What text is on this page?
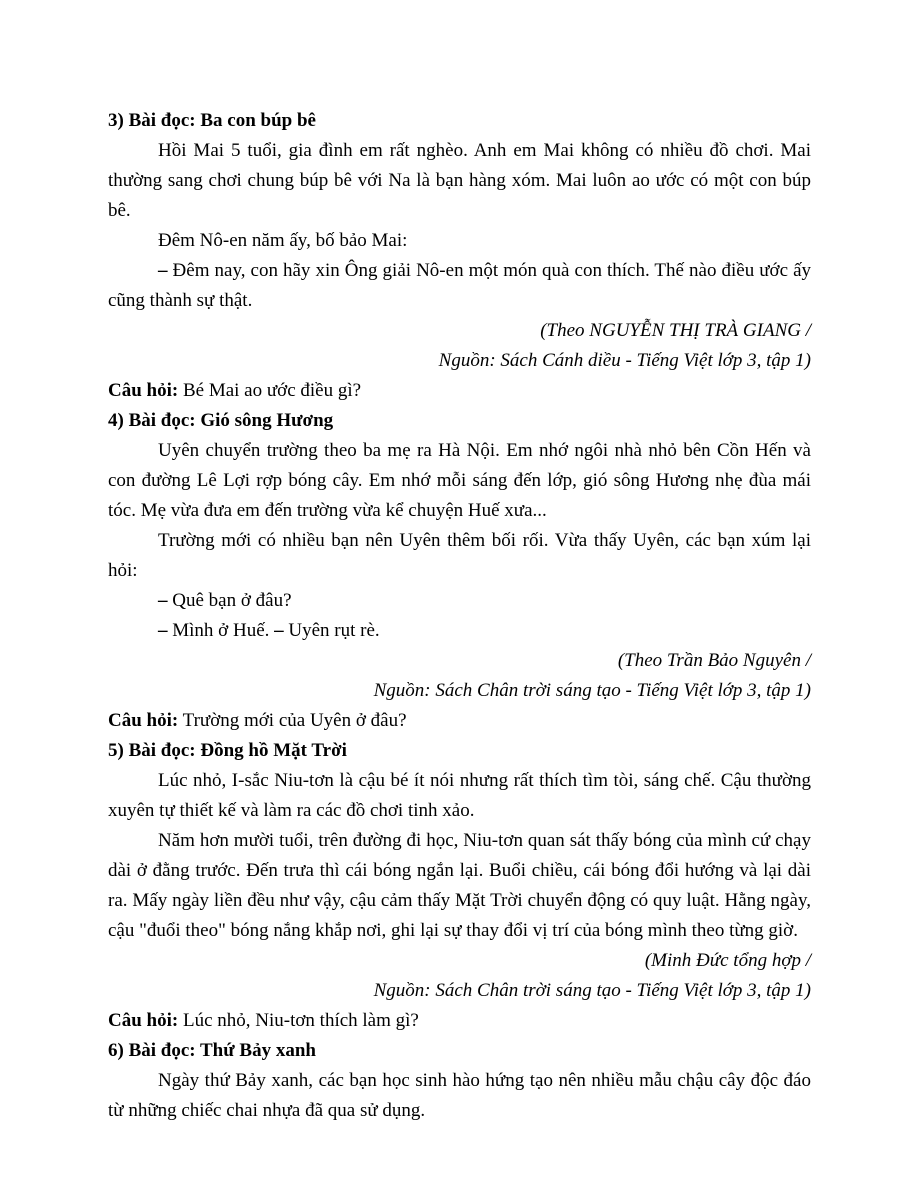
3) Bài đọc: Ba con búp bê

Hồi Mai 5 tuổi, gia đình em rất nghèo. Anh em Mai không có nhiều đồ chơi. Mai thường sang chơi chung búp bê với Na là bạn hàng xóm. Mai luôn ao ước có một con búp bê.

Đêm Nô-en năm ấy, bố bảo Mai:

– Đêm nay, con hãy xin Ông giải Nô-en một món quà con thích. Thế nào điều ước ấy cũng thành sự thật.

(Theo NGUYỄN THỊ TRÀ GIANG /

Nguồn: Sách Cánh diều - Tiếng Việt lớp 3, tập 1)

Câu hỏi: Bé Mai ao ước điều gì?

4) Bài đọc: Gió sông Hương

Uyên chuyển trường theo ba mẹ ra Hà Nội. Em nhớ ngôi nhà nhỏ bên Cồn Hến và con đường Lê Lợi rợp bóng cây. Em nhớ mỗi sáng đến lớp, gió sông Hương nhẹ đùa mái tóc. Mẹ vừa đưa em đến trường vừa kể chuyện Huế xưa...

Trường mới có nhiều bạn nên Uyên thêm bối rối. Vừa thấy Uyên, các bạn xúm lại hỏi:

– Quê bạn ở đâu?

– Mình ở Huế. – Uyên rụt rè.

(Theo Trần Bảo Nguyên /

Nguồn: Sách Chân trời sáng tạo - Tiếng Việt lớp 3, tập 1)

Câu hỏi: Trường mới của Uyên ở đâu?

5) Bài đọc: Đồng hồ Mặt Trời

Lúc nhỏ, I-sắc Niu-tơn là cậu bé ít nói nhưng rất thích tìm tòi, sáng chế. Cậu thường xuyên tự thiết kế và làm ra các đồ chơi tinh xảo.

Năm hơn mười tuổi, trên đường đi học, Niu-tơn quan sát thấy bóng của mình cứ chạy dài ở đằng trước. Đến trưa thì cái bóng ngắn lại. Buổi chiều, cái bóng đổi hướng và lại dài ra. Mấy ngày liền đều như vậy, cậu cảm thấy Mặt Trời chuyển động có quy luật. Hằng ngày, cậu "đuổi theo" bóng nắng khắp nơi, ghi lại sự thay đổi vị trí của bóng mình theo từng giờ.

(Minh Đức tổng hợp /

Nguồn: Sách Chân trời sáng tạo - Tiếng Việt lớp 3, tập 1)

Câu hỏi: Lúc nhỏ, Niu-tơn thích làm gì?

6) Bài đọc: Thứ Bảy xanh

Ngày thứ Bảy xanh, các bạn học sinh hào hứng tạo nên nhiều mẫu chậu cây độc đáo từ những chiếc chai nhựa đã qua sử dụng.
